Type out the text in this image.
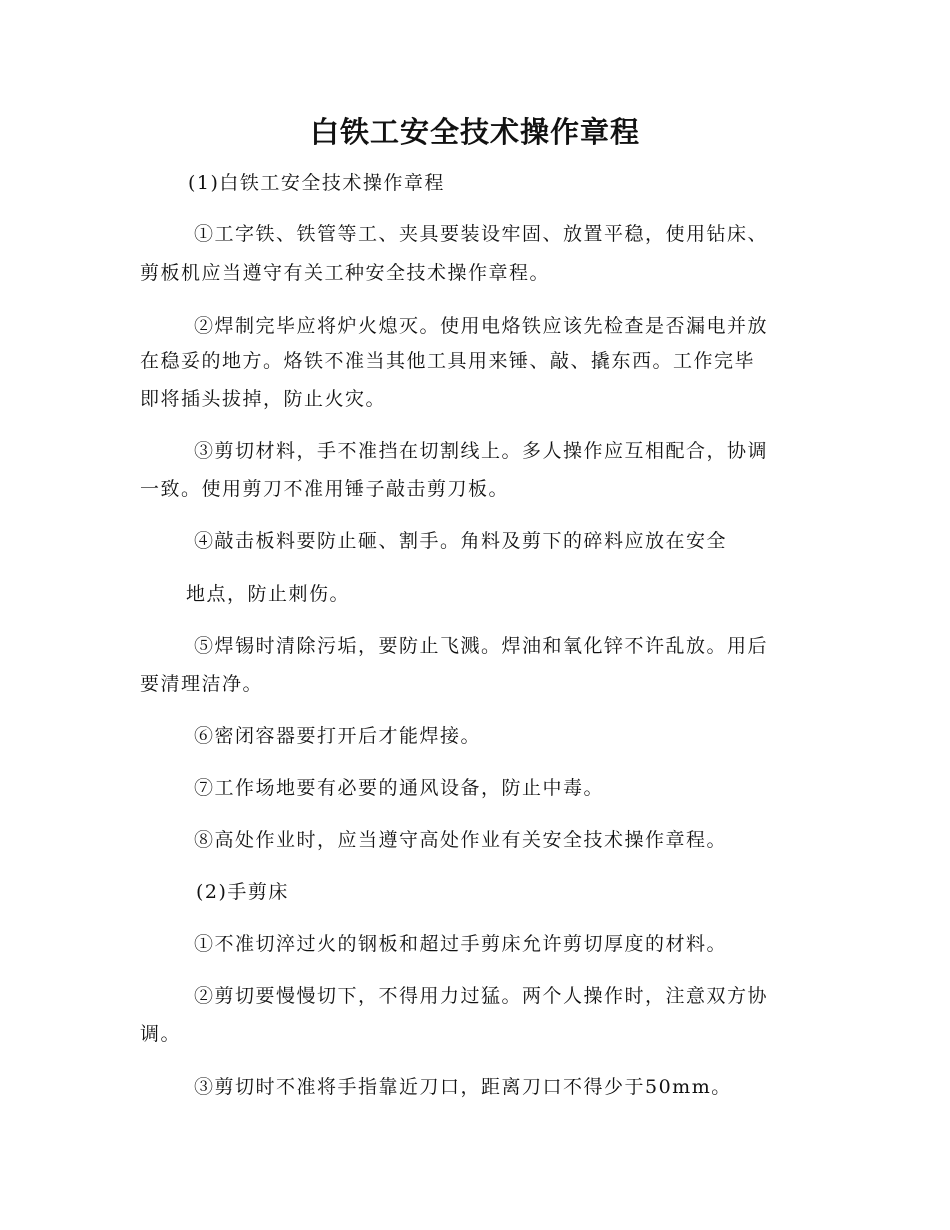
白铁工安全技术操作章程

(1)白铁工安全技术操作章程

①工字铁、铁管等工、夹具要装设牢固、放置平稳，使用钻床、

剪板机应当遵守有关工种安全技术操作章程。

②焊制完毕应将炉火熄灭。使用电烙铁应该先检查是否漏电并放

在稳妥的地方。烙铁不准当其他工具用来锤、敲、撬东西。工作完毕

即将插头拔掉，防止火灾。

③剪切材料，手不准挡在切割线上。多人操作应互相配合，协调

一致。使用剪刀不准用锤子敲击剪刀板。

④敲击板料要防止砸、割手。角料及剪下的碎料应放在安全

地点，防止刺伤。

⑤焊锡时清除污垢，要防止飞溅。焊油和氧化锌不许乱放。用后

要清理洁净。

⑥密闭容器要打开后才能焊接。

⑦工作场地要有必要的通风设备，防止中毒。

⑧高处作业时，应当遵守高处作业有关安全技术操作章程。

(2)手剪床

①不准切淬过火的钢板和超过手剪床允许剪切厚度的材料。

②剪切要慢慢切下，不得用力过猛。两个人操作时，注意双方协

调。

③剪切时不准将手指靠近刀口，距离刀口不得少于50mm。
